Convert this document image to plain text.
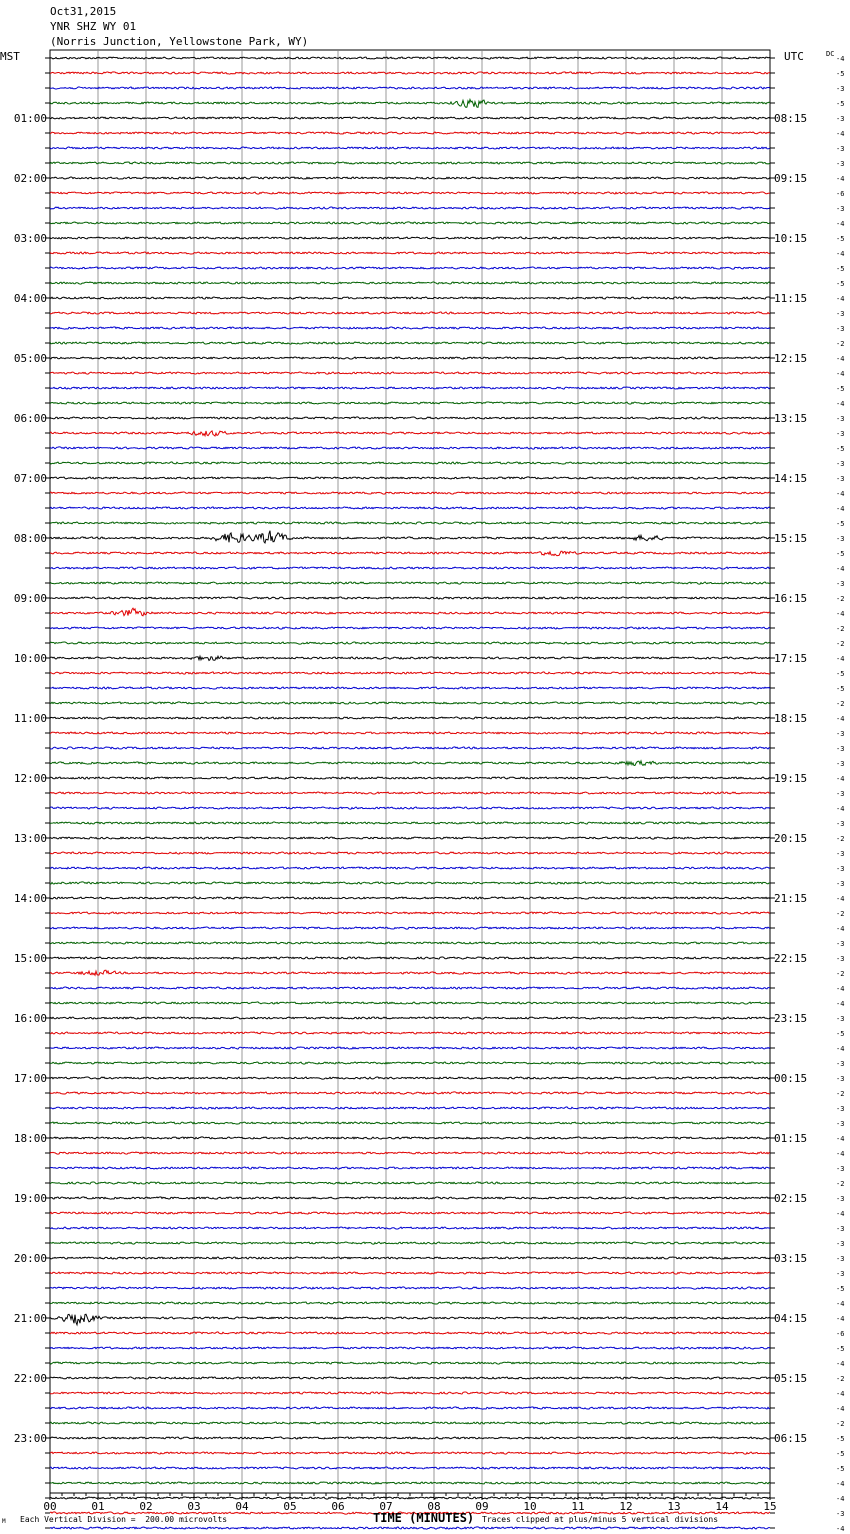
Oct31,2015
YNR SHZ WY 01
(Norris Junction, Yellowstone Park, WY)
MST	UTC	DC
00	01	02	03	04	05	06	07	08	09	10	11	12	13	14	15
-4
-5
-3
-5
-3
-4
-3
-3
-4
-6
-3
-4
-5
-4
-5
-5
-4
-3
-3
-2
-4
-4
-5
-4
-3
-3
-5
-3
-3
-4
-4
-5
-3
-5
-4
-3
-2
-4
-2
-2
-4
-5
-5
-2
-4
-3
-3
-3
-4
-3
-4
-3
-2
-3
-3
-3
-4
-2
-4
-3
-3
-2
-4
-4
-3
-5
-4
-3
-3
-2
-3
-3
-4
-4
-3
-2
-3
-4
-3
-3
-3
-3
-5
-4
-4
-6
-5
-4
-2
-4
-4
-2
-5
-5
-5
-4
-4
-3
-4
01:00
02:00
03:00
04:00
05:00
06:00
07:00
08:00
09:00
10:00
11:00
12:00
13:00
14:00
15:00
16:00
17:00
18:00
19:00
20:00
21:00
22:00
23:00
08:15
09:15
10:15
11:15
12:15
13:15
14:15
15:15
16:15
17:15
18:15
19:15
20:15
21:15
22:15
23:15
00:15
01:15
02:15
03:15
04:15
05:15
06:15
M Each Vertical Division =  200.00 microvolts	TIME (MINUTES) Traces clipped at plus/minus 5 vertical divisions
